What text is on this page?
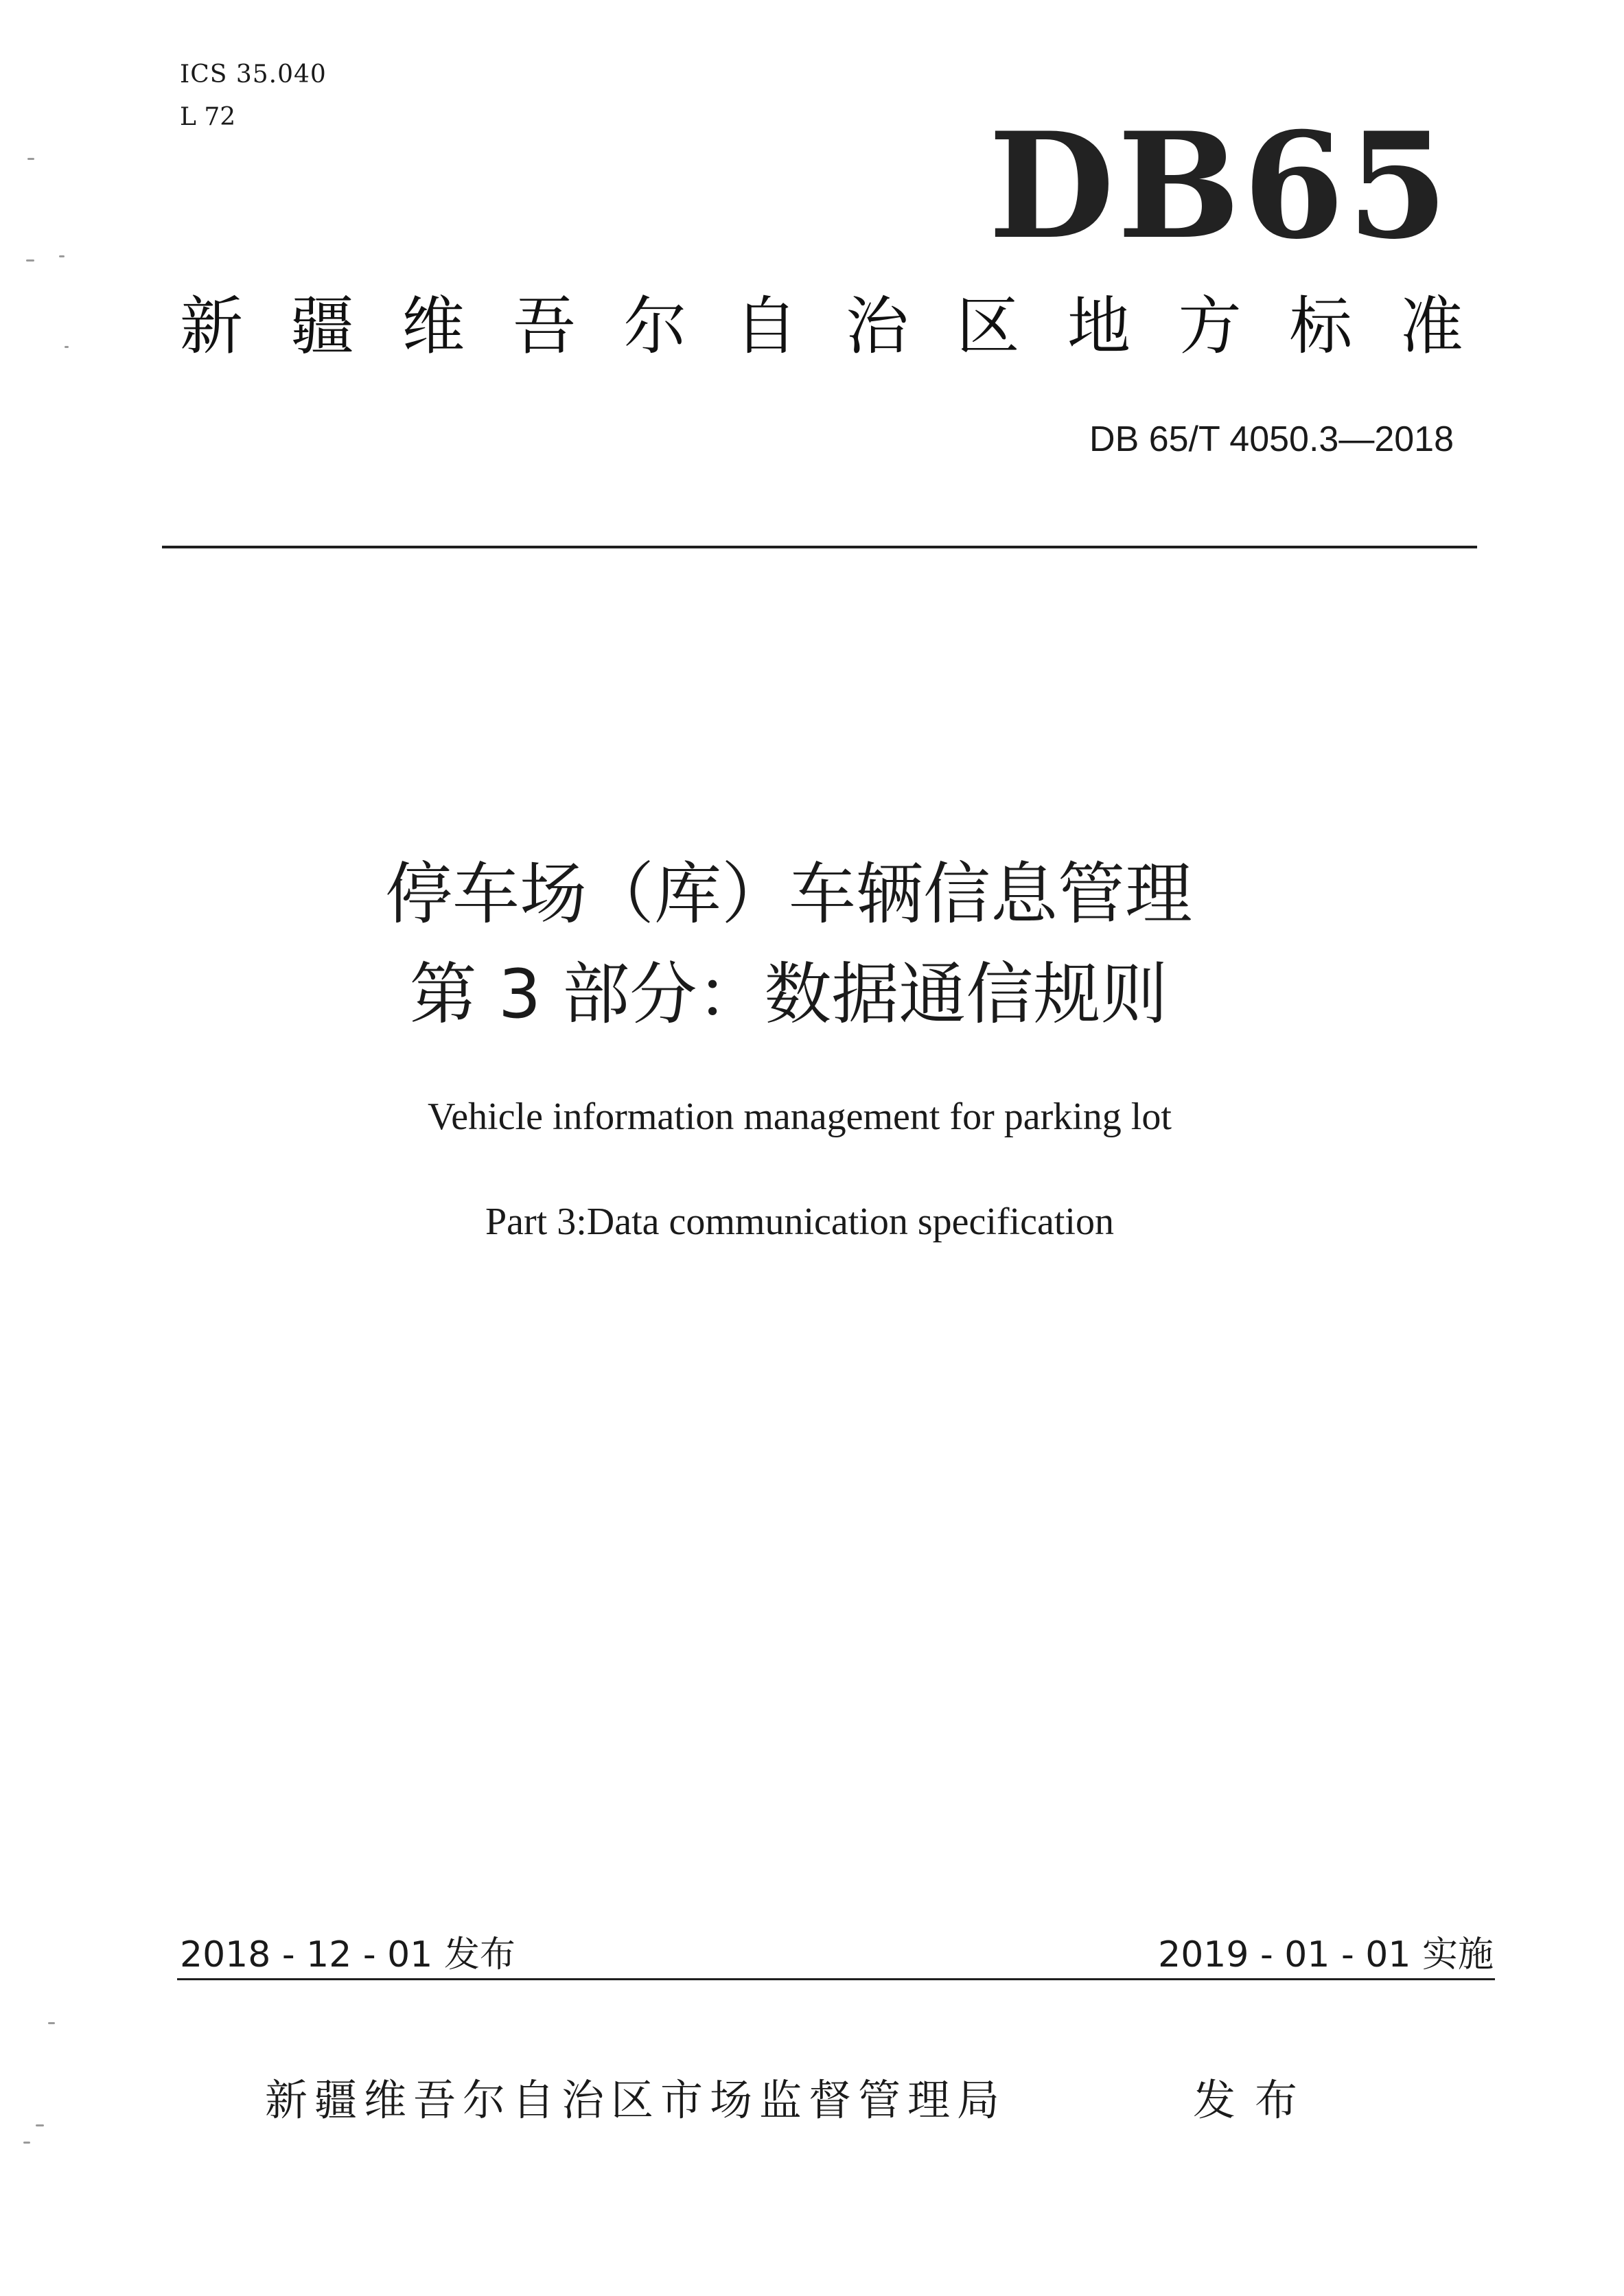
ICS 35.040
L 72	DB65
新 疆 维 吾 尔 自 治 区 地 方 标 准
DB 65/T 4050.3—2018
停车场（库）车辆信息管理
第 3 部分：数据通信规则
Vehicle information management for parking lot
Part 3:Data communication specification
2018 - 12 - 01 发布	2019 - 01 - 01 实施
新疆维吾尔自治区市场监督管理局	发布
